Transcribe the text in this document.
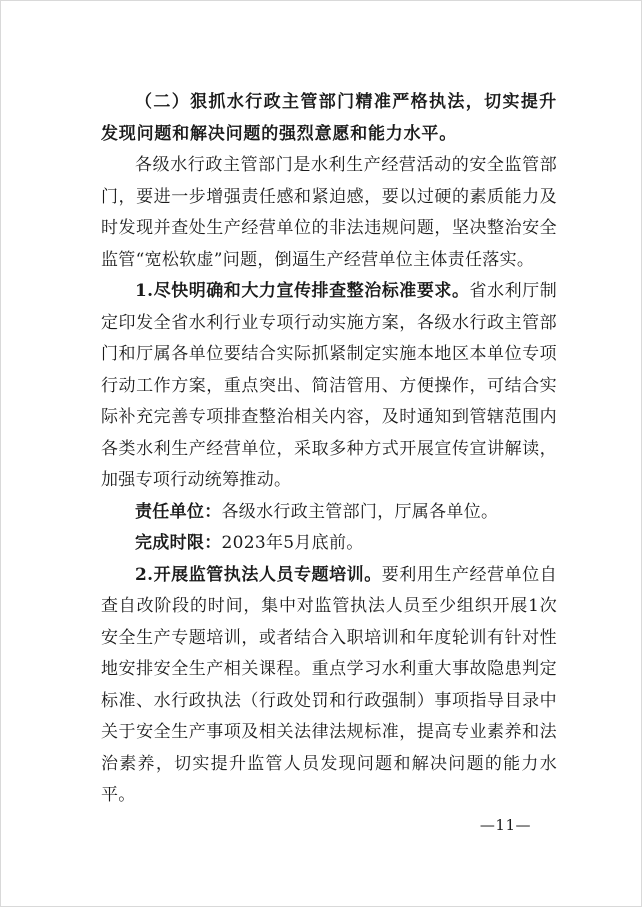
（二）狠抓水行政主管部门精准严格执法，切实提升发现问题和解决问题的强烈意愿和能力水平。

各级水行政主管部门是水利生产经营活动的安全监管部门，要进一步增强责任感和紧迫感，要以过硬的素质能力及时发现并查处生产经营单位的非法违规问题，坚决整治安全监管“宽松软虚”问题，倒逼生产经营单位主体责任落实。

1.尽快明确和大力宣传排查整治标准要求。省水利厅制定印发全省水利行业专项行动实施方案，各级水行政主管部门和厅属各单位要结合实际抓紧制定实施本地区本单位专项行动工作方案，重点突出、简洁管用、方便操作，可结合实际补充完善专项排查整治相关内容，及时通知到管辖范围内各类水利生产经营单位，采取多种方式开展宣传宣讲解读，加强专项行动统筹推动。

责任单位：各级水行政主管部门，厅属各单位。

完成时限：2023年5月底前。

2.开展监管执法人员专题培训。要利用生产经营单位自查自改阶段的时间，集中对监管执法人员至少组织开展1次安全生产专题培训，或者结合入职培训和年度轮训有针对性地安排安全生产相关课程。重点学习水利重大事故隐患判定标准、水行政执法（行政处罚和行政强制）事项指导目录中关于安全生产事项及相关法律法规标准，提高专业素养和法治素养，切实提升监管人员发现问题和解决问题的能力水平。

—11—
